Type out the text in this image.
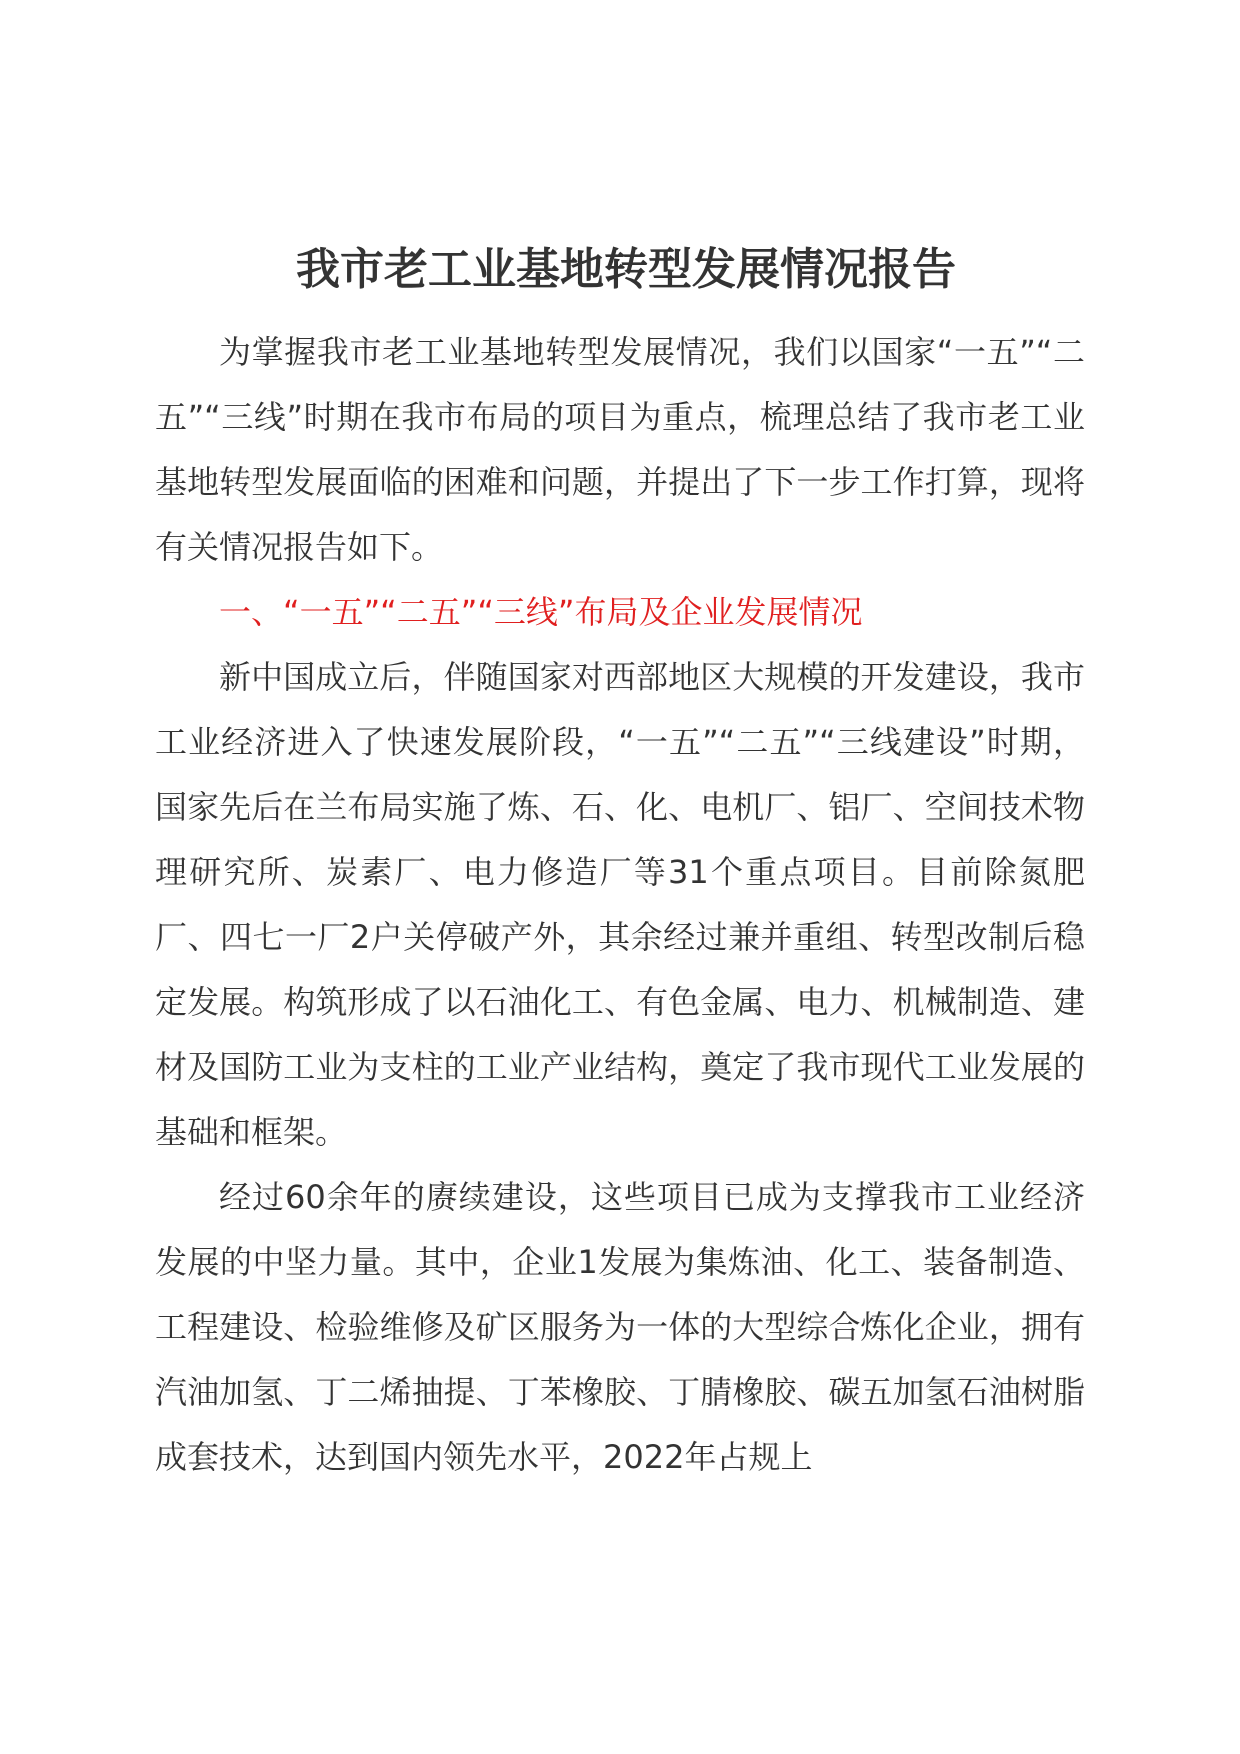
我市老工业基地转型发展情况报告

为掌握我市老工业基地转型发展情况，我们以国家“一五”“二五”“三线”时期在我市布局的项目为重点，梳理总结了我市老工业基地转型发展面临的困难和问题，并提出了下一步工作打算，现将有关情况报告如下。

一、“一五”“二五”“三线”布局及企业发展情况

新中国成立后，伴随国家对西部地区大规模的开发建设，我市工业经济进入了快速发展阶段，“一五”“二五”“三线建设”时期，国家先后在兰布局实施了炼、石、化、电机厂、铝厂、空间技术物理研究所、炭素厂、电力修造厂等31个重点项目。目前除氮肥厂、四七一厂2户关停破产外，其余经过兼并重组、转型改制后稳定发展。构筑形成了以石油化工、有色金属、电力、机械制造、建材及国防工业为支柱的工业产业结构，奠定了我市现代工业发展的基础和框架。

经过60余年的赓续建设，这些项目已成为支撑我市工业经济发展的中坚力量。其中，企业1发展为集炼油、化工、装备制造、工程建设、检验维修及矿区服务为一体的大型综合炼化企业，拥有汽油加氢、丁二烯抽提、丁苯橡胶、丁腈橡胶、碳五加氢石油树脂成套技术，达到国内领先水平，2022年占规上
